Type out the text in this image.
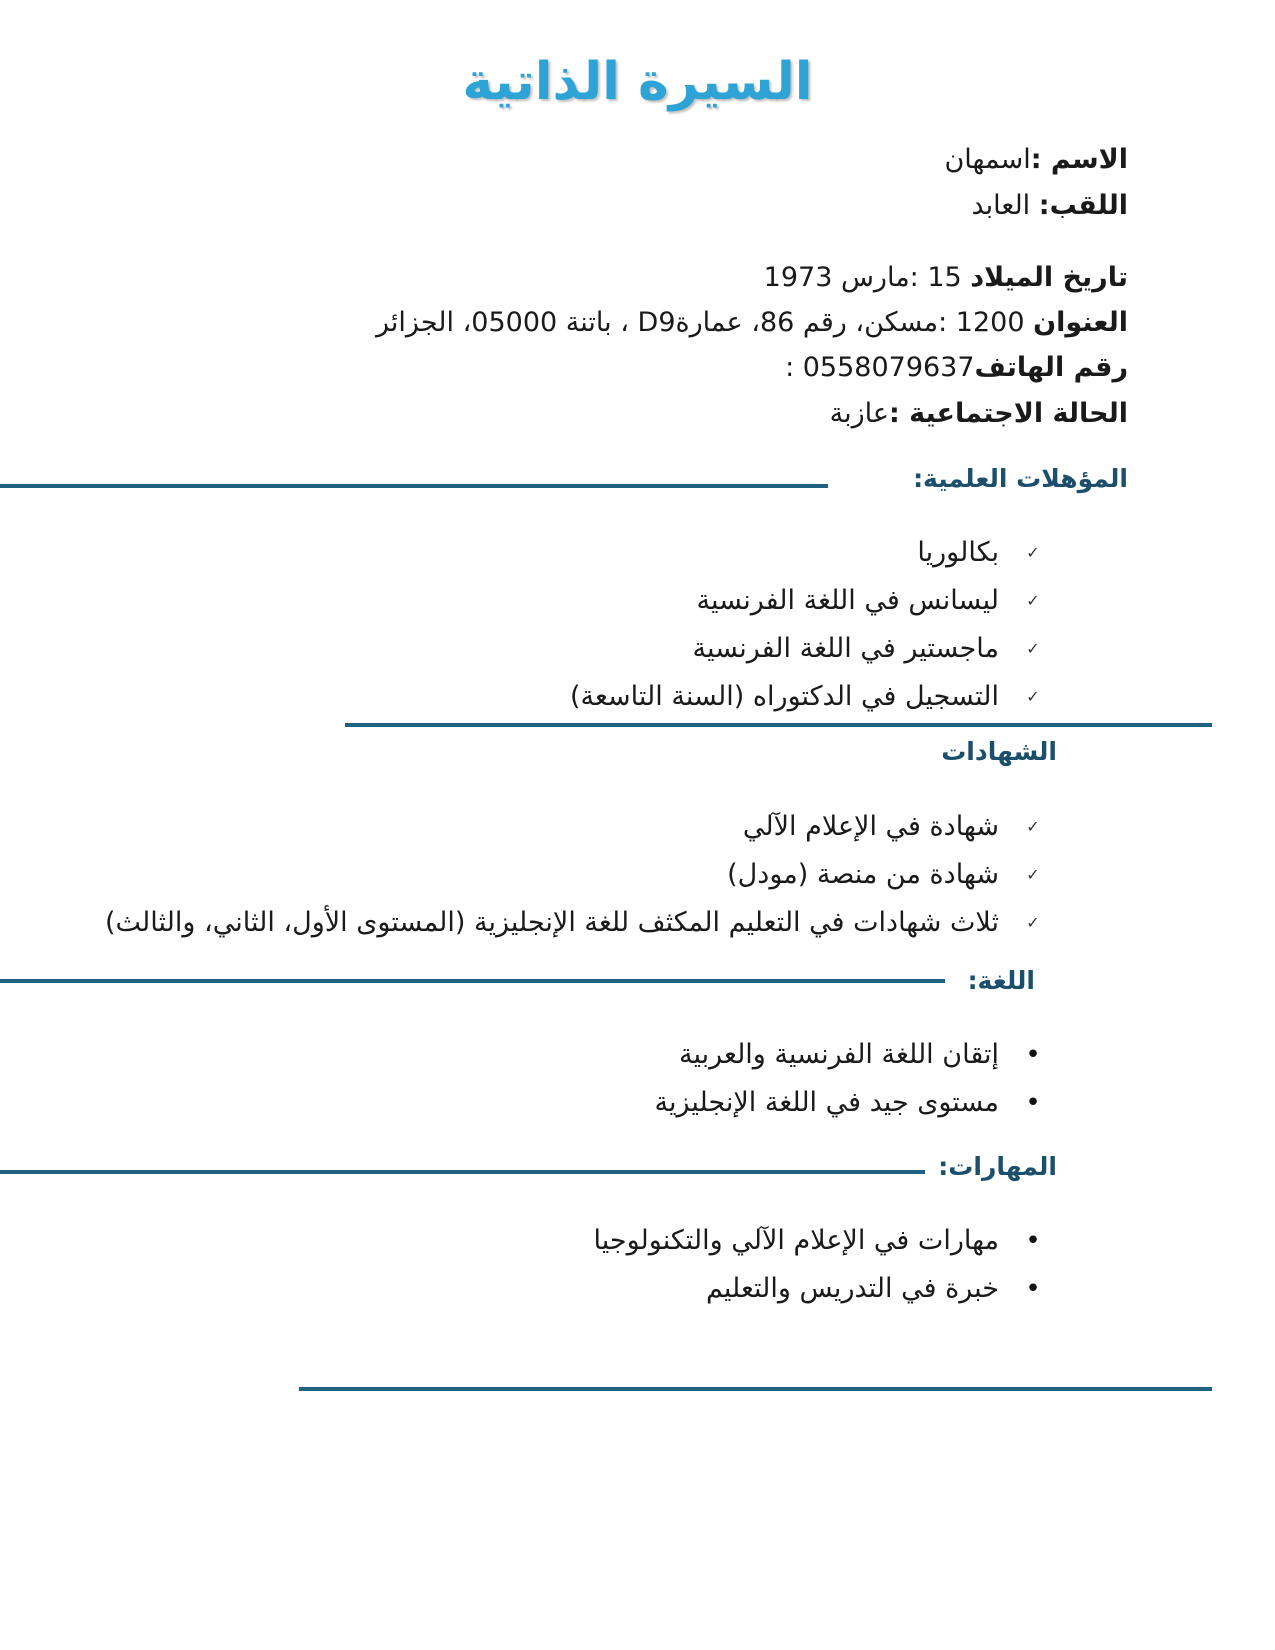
السيرة الذاتية
الاسم :اسمهان
اللقب: العابد
تاريخ الميلاد 15 :مارس 1973
العنوان 1200 :مسكن، رقم 86، عمارةD9 ، باتنة 05000، الجزائر
رقم الهاتف0558079637 :
الحالة الاجتماعية :عازبة
المؤهلات العلمية:
✓
بكالوريا
✓
ليسانس في اللغة الفرنسية
✓
ماجستير في اللغة الفرنسية
✓
التسجيل في الدكتوراه (السنة التاسعة)
الشهادات
✓
شهادة في الإعلام الآلي
✓
شهادة من منصة (مودل)
✓
ثلاث شهادات في التعليم المكثف للغة الإنجليزية (المستوى الأول، الثاني، والثالث)
اللغة:
•
إتقان اللغة الفرنسية والعربية
•
مستوى جيد في اللغة الإنجليزية
المهارات:
•
مهارات في الإعلام الآلي والتكنولوجيا
•
خبرة في التدريس والتعليم
